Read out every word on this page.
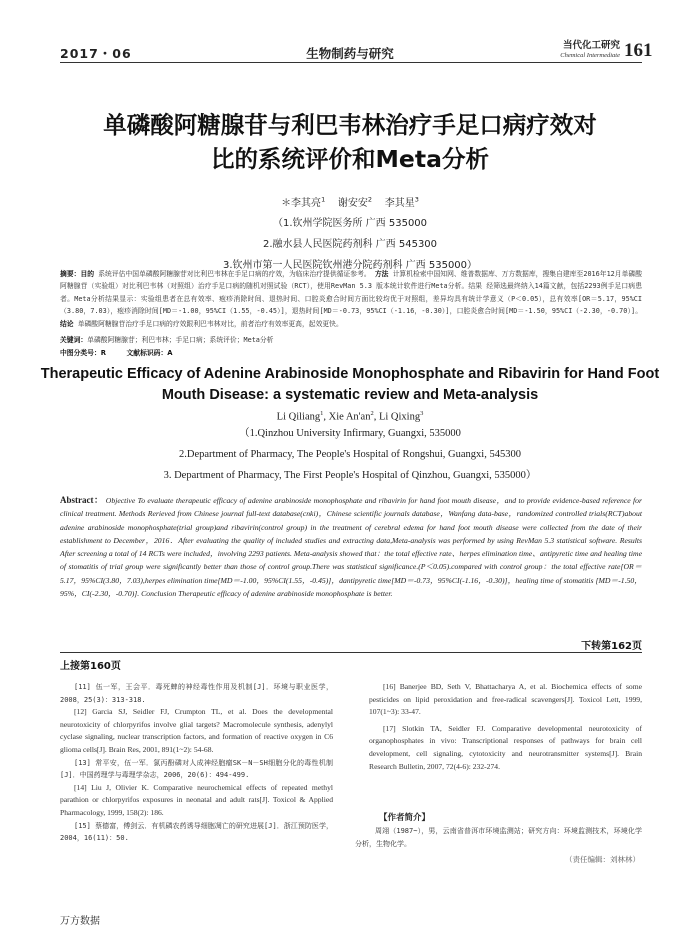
2017・06	生物制药与研究
当代化工研究
Chemical Intermediate 161
单磷酸阿糖腺苷与利巴韦林治疗手足口病疗效对
比的系统评价和Meta分析
＊李其亮$^1$ 谢安安$^2$ 李其星$^3$
（1.钦州学院医务所 广西 535000
2.融水县人民医院药剂科 广西 545300
3.钦州市第一人民医院钦州港分院药剂科 广西 535000）
摘要：目的 系统评估中国单磷酸阿糖腺苷对比利巴韦林在手足口病的疗效，为临床治疗提供循证参考。 方法 计算机检索中国知网、维普数据库、万方数据库，搜集自建库至2016年12月单磷酸阿糖腺苷（实验组）对比利巴韦林（对照组）治疗手足口病的随机对照试验（RCT），使用RevMan 5.3 版本统计软件进行Meta分析。结果 经筛选最终纳入14篇文献，包括2293例手足口病患者。Meta分析结果显示：实验组患者在总有效率、疱疹消除时间、退热时间、口腔炎愈合时间方面比较均优于对照组，差异均具有统计学意义（P＜0.05），总有效率[OR＝5.17，95%CI（3.80，7.03），疱疹消除时间[MD＝-1.00，95%CI（1.55，-0.45）]，退热时间[MD＝-0.73，95%CI（-1.16，-0.30）]，口腔炎愈合时间[MD＝-1.50，95%CI（-2.30，-0.70）]。 结论 单磷酸阿糖腺苷治疗手足口病的疗效跟利巴韦林对比，前者治疗有效率更高，起效更快。
关键词：单磷酸阿糖腺苷；利巴韦林；手足口病；系统评价；Meta分析
中图分类号：R	文献标识码：A
Therapeutic Efficacy of Adenine Arabinoside Monophosphate and Ribavirin for Hand Foot
Mouth Disease: a systematic review and Meta-analysis
Li Qiliang$^1$, Xie $An'an^2$, Li Qixing$^3$
（1.Qinzhou University Infirmary, Guangxi, 535000
2.Department of Pharmacy, The People's Hospital of Rongshui, Guangxi, 545300
3. Department of Pharmacy, The First People's Hospital of Qinzhou, Guangxi, 535000）
Abstract： Objective To evaluate therapeutic efficacy of adenine arabinoside monophosphate and ribavirin for hand foot mouth disease，and to provide evidence-based reference for clinical treatment. Methods Rerieved from Chinese journal full-text database(cnki)，Chinese scientific journals database，Wanfang data-base，randomized controlled trials(RCT)about adenine arabinoside monophosphate(trial group)and ribavirin(control group) in the treatment of cerebral edema for hand foot mouth disease were collected from the date of their establishment to December，2016．After evaluating the quality of included studies and extracting data,Meta-analysis was performed by using RevMan 5.3 statistical software. Results After screening a total of 14 RCTs were included，involving 2293 patients. Meta-analysis showed that：the total effective rate、herpes elimination time、antipyretic time and healing time of stomatitis of trial group were significantly better than those of control group.There was statistical significance.(P＜0.05).compared with control group：the total effective rate[OR＝5.17，95%CI(3.80，7.03),herpes elimination time[MD＝-1.00，95%CI(1.55，-0.45)]，dantipyretic time[MD＝-0.73，95%CI(-1.16，-0.30)]，healing time of stomatitis [MD＝-1.50，95%，CI(-2.30，-0.70)]. Conclusion Therapeutic efficacy of adenine arabinoside monophosphate is better.
下转第162页
上接第160页

[11] 伍一军，王会平．毒死蜱的神经毒性作用及机制[J]．环境与职业医学，2008，25(3)：313-318.

[12] Garcia SJ, Seidler FJ, Crumpton TL, et al. Does the developmental neurotoxicity of chlorpyrifos involve glial targets? Macromolecule synthesis, adenylyl cyclase signaling, nuclear transcription factors, and formation of reactive oxygen in C6 glioma cells[J]. Brain Res, 2001, 891(1~2): 54-68.

[13] 常平安，伍一军．氯丙酚磷对人成神经胞瘤SK－N－SH细胞分化的毒性机制[J]．中国药理学与毒理学杂志，2006，20(6)：494-499.

[14] Liu J, Olivier K. Comparative neurochemical effects of repeated methyl parathion or chlorpyrifos exposures in neonatal and adult rats[J]. Toxicol & Applied Pharmacology, 1999, 158(2): 186.

[15] 蔡德富，傅剑云．有机磷农药诱导细胞凋亡的研究进展[J]．浙江预防医学，2004，16(11)：50.

[16] Banerjee BD, Seth V, Bhattacharya A, et al. Biochemica effects of some pesticides on lipid peroxidation and free-radical scavengers[J]. Toxicol Lett, 1999, 107(1~3): 33-47.

[17] Slotkin TA, Seidler FJ. Comparative developmental neurotoxicity of organophosphates in vivo: Transcriptional responses of pathways for brain cell development, cell signaling, cytotoxicity and neurotransmitter systems[J]. Brain Research Bulletin, 2007, 72(4-6): 232-274.

【作者简介】
周翊（1987~），男，云南省普洱市环境监测站；研究方向：环境监测技术，环境化学分析，生物化学。
（责任编辑：刘林林）
万方数据
